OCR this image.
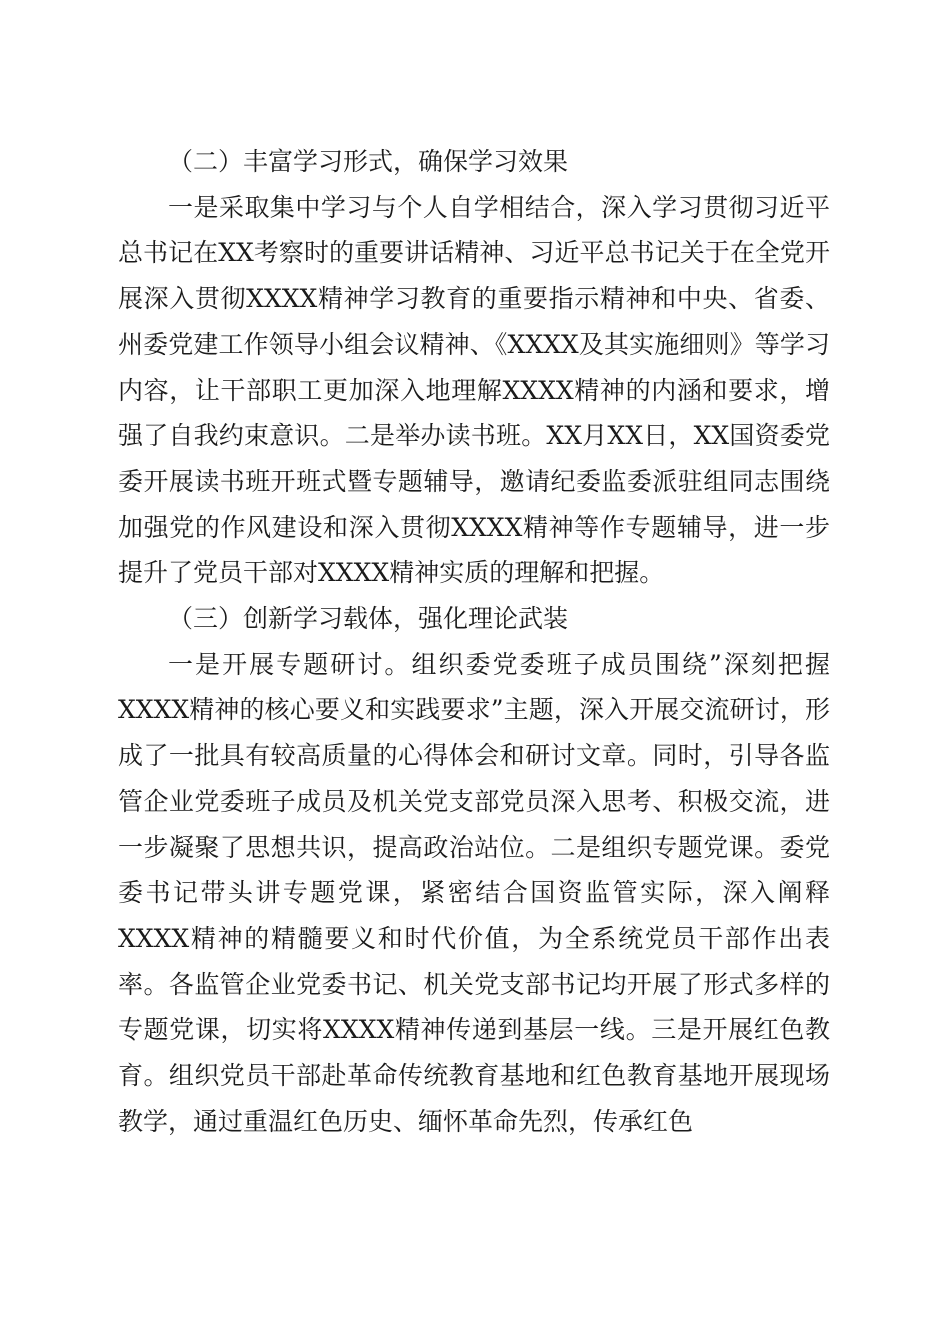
（二）丰富学习形式，确保学习效果

一是采取集中学习与个人自学相结合，深入学习贯彻习近平总书记在XX考察时的重要讲话精神、习近平总书记关于在全党开展深入贯彻XXXX精神学习教育的重要指示精神和中央、省委、州委党建工作领导小组会议精神、《XXXX及其实施细则》等学习内容，让干部职工更加深入地理解XXXX精神的内涵和要求，增强了自我约束意识。二是举办读书班。XX月XX日，XX国资委党委开展读书班开班式暨专题辅导，邀请纪委监委派驻组同志围绕加强党的作风建设和深入贯彻XXXX精神等作专题辅导，进一步提升了党员干部对XXXX精神实质的理解和把握。

（三）创新学习载体，强化理论武装

一是开展专题研讨。组织委党委班子成员围绕”深刻把握XXXX精神的核心要义和实践要求”主题，深入开展交流研讨，形成了一批具有较高质量的心得体会和研讨文章。同时，引导各监管企业党委班子成员及机关党支部党员深入思考、积极交流，进一步凝聚了思想共识，提高政治站位。二是组织专题党课。委党委书记带头讲专题党课，紧密结合国资监管实际，深入阐释XXXX精神的精髓要义和时代价值，为全系统党员干部作出表率。各监管企业党委书记、机关党支部书记均开展了形式多样的专题党课，切实将XXXX精神传递到基层一线。三是开展红色教育。组织党员干部赴革命传统教育基地和红色教育基地开展现场教学，通过重温红色历史、缅怀革命先烈，传承红色
